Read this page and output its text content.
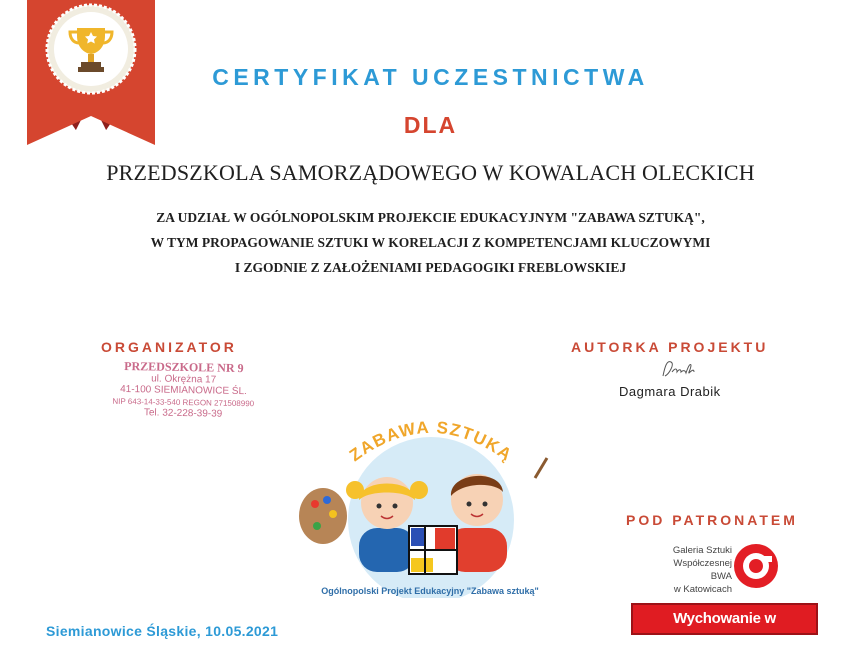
CERTYFIKAT UCZESTNICTWA
DLA
PRZEDSZKOLA SAMORZĄDOWEGO W KOWALACH OLECKICH
ZA UDZIAŁ W OGÓLNOPOLSKIM PROJEKCIE EDUKACYJNYM "ZABAWA SZTUKĄ",
W TYM PROPAGOWANIE SZTUKI W KORELACJI Z KOMPETENCJAMI KLUCZOWYMI
I ZGODNIE Z ZAŁOŻENIAMI PEDAGOGIKI FREBLOWSKIEJ
ORGANIZATOR
PRZEDSZKOLE NR 9
ul. Okrężna 17
41-100 SIEMIANOWICE ŚL.
NIP 643-14-33-540 REGON 271508990
Tel. 32-228-39-39
AUTORKA PROJEKTU
Dagmara Drabik
ZABAWA SZTUKĄ
Ogólnopolski Projekt Edukacyjny "Zabawa sztuką"
POD PATRONATEM
Galeria Sztuki
Współczesnej BWA
w Katowicach
Wychowanie w Przedszkolu
Siemianowice Śląskie, 10.05.2021
